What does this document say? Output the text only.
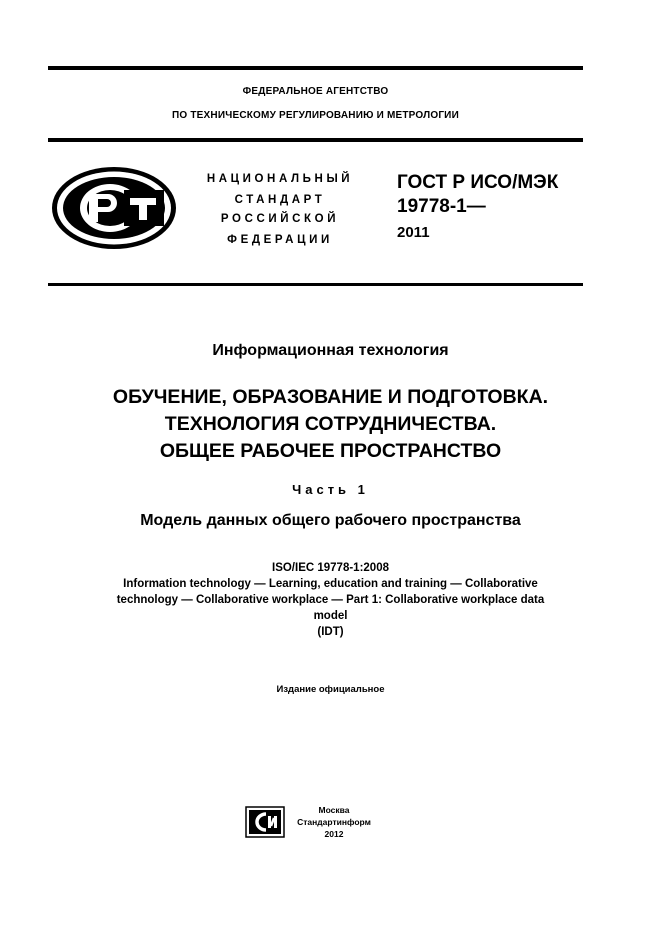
ФЕДЕРАЛЬНОЕ АГЕНТСТВО
ПО ТЕХНИЧЕСКОМУ РЕГУЛИРОВАНИЮ И МЕТРОЛОГИИ
НАЦИОНАЛЬНЫЙ
СТАНДАРТ
РОССИЙСКОЙ
ФЕДЕРАЦИИ
ГОСТ Р ИСО/МЭК
19778-1—
2011
Информационная технология
ОБУЧЕНИЕ, ОБРАЗОВАНИЕ И ПОДГОТОВКА.
ТЕХНОЛОГИЯ СОТРУДНИЧЕСТВА.
ОБЩЕЕ РАБОЧЕЕ ПРОСТРАНСТВО
Часть 1
Модель данных общего рабочего пространства
ISO/IEC 19778-1:2008
Information technology — Learning, education and training — Collaborative
technology — Collaborative workplace — Part 1: Collaborative workplace data
model
(IDT)
Издание официальное
Москва
Стандартинформ
2012
